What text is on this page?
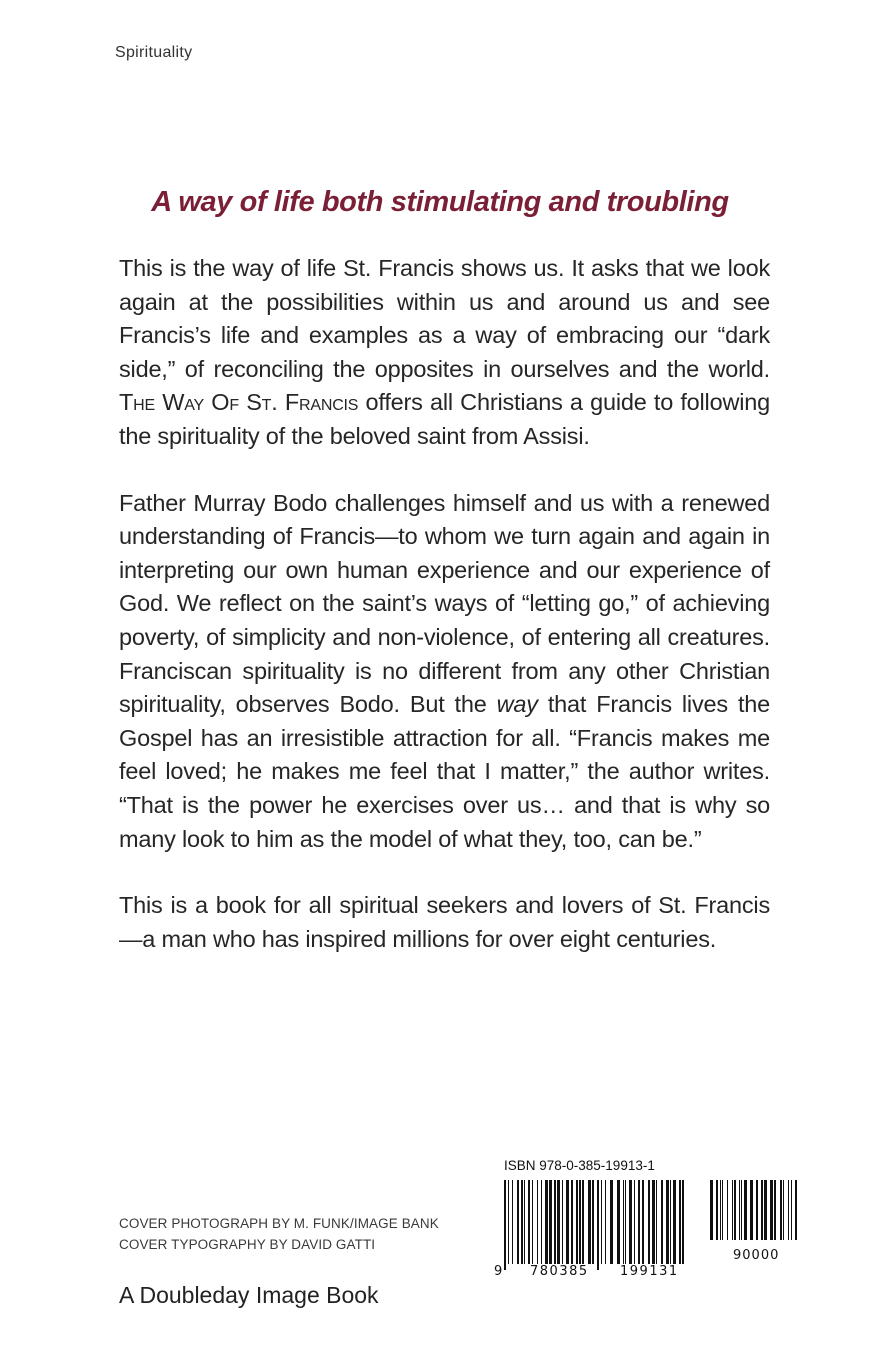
Spirituality
A way of life both stimulating and troubling

This is the way of life St. Francis shows us. It asks that we look again at the possibilities within us and around us and see Francis’s life and examples as a way of embracing our “dark side,” of reconciling the opposites in ourselves and the world. The Way Of St. Francis offers all Christians a guide to following the spirituality of the beloved saint from Assisi.

Father Murray Bodo challenges himself and us with a renewed understanding of Francis—to whom we turn again and again in interpreting our own human experience and our experience of God. We reflect on the saint’s ways of “letting go,” of achieving poverty, of simplicity and non-violence, of entering all creatures. Franciscan spirituality is no different from any other Christian spirituality, observes Bodo. But the way that Francis lives the Gospel has an irresistible attraction for all. “Francis makes me feel loved; he makes me feel that I matter,” the author writes. “That is the power he exercises over us… and that is why so many look to him as the model of what they, too, can be.”

This is a book for all spiritual seekers and lovers of St. Francis—a man who has inspired millions for over eight centuries.

COVER PHOTOGRAPH BY M. FUNK/IMAGE BANK
COVER TYPOGRAPHY BY DAVID GATTI
A Doubleday Image Book
ISBN 978-0-385-19913-1
9 780385 199131
90000
